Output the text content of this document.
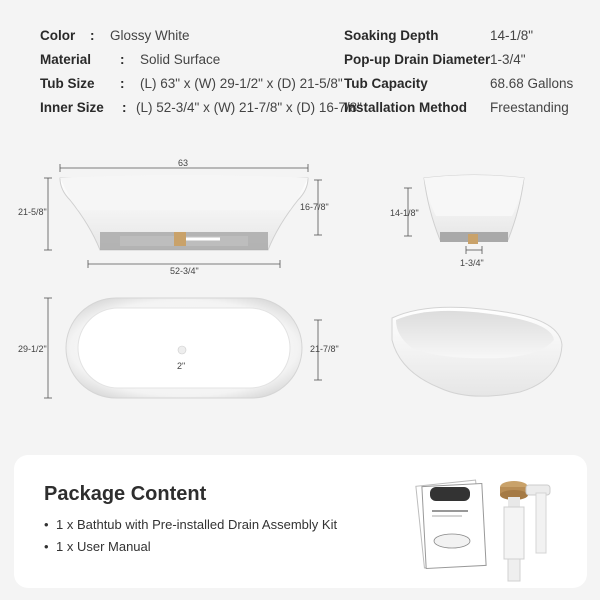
Color : Glossy White
Material : Solid Surface
Tub Size : (L) 63" x (W) 29-1/2" x (D) 21-5/8"
Inner Size : (L) 52-3/4" x (W) 21-7/8" x (D) 16-7/8"
Soaking Depth	14-1/8"
Pop-up Drain Diameter 1-3/4"
Tub Capacity	68.68 Gallons
Installation Method Freestanding
63
21-5/8"	16-7/8"
52-3/4"
14-1/8"
1-3/4"
29-1/2"	21-7/8"
2"
Package Content
• 1 x Bathtub with Pre-installed Drain Assembly Kit
• 1 x User Manual
